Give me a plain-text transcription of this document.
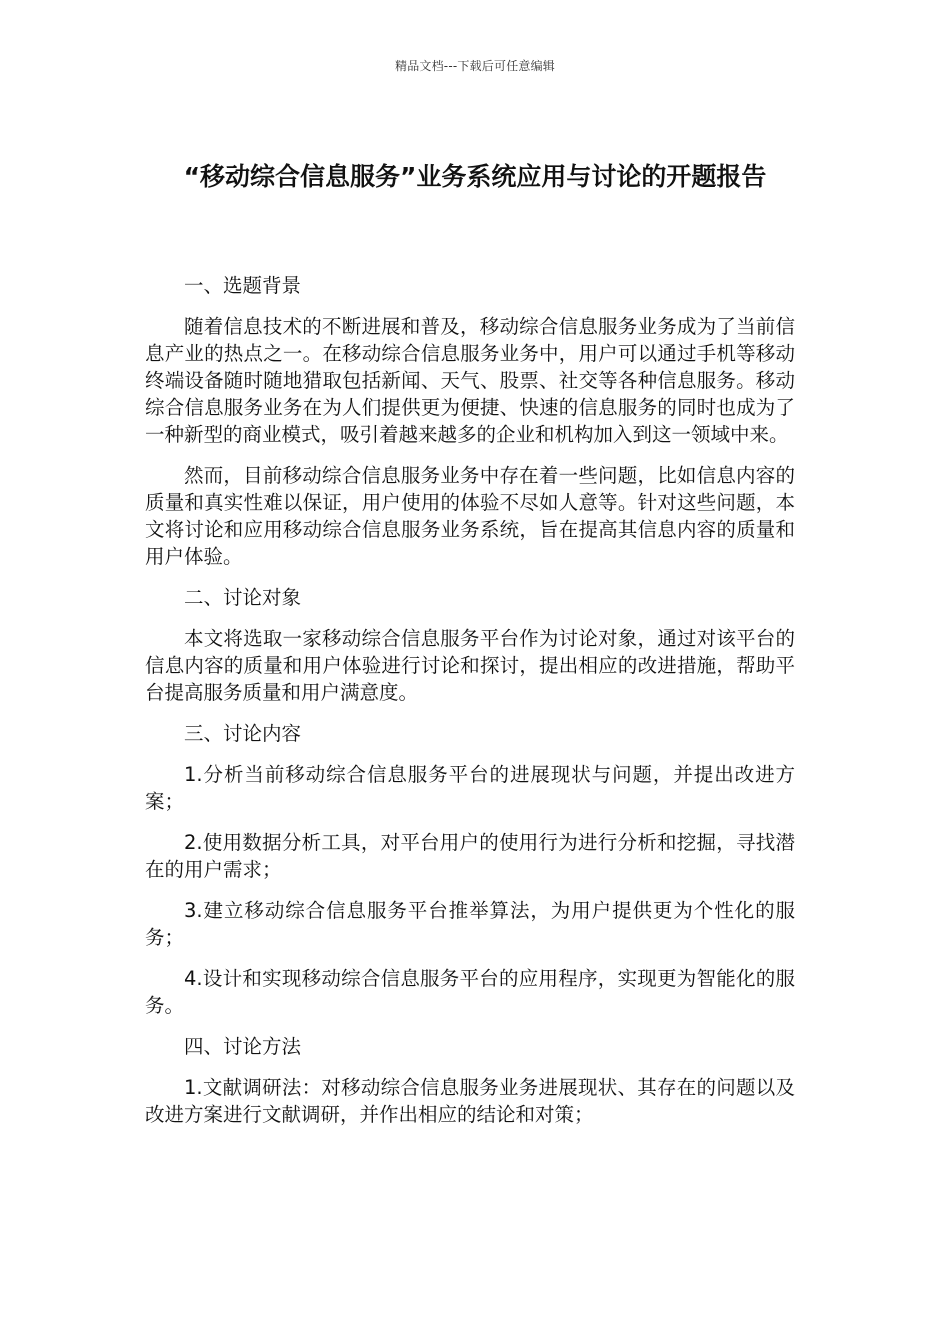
精品文档---下载后可任意编辑
“移动综合信息服务”业务系统应用与讨论的开题报告

一、选题背景

随着信息技术的不断进展和普及，移动综合信息服务业务成为了当前信息产业的热点之一。在移动综合信息服务业务中，用户可以通过手机等移动终端设备随时随地猎取包括新闻、天气、股票、社交等各种信息服务。移动综合信息服务业务在为人们提供更为便捷、快速的信息服务的同时也成为了一种新型的商业模式，吸引着越来越多的企业和机构加入到这一领域中来。

然而，目前移动综合信息服务业务中存在着一些问题，比如信息内容的质量和真实性难以保证，用户使用的体验不尽如人意等。针对这些问题，本文将讨论和应用移动综合信息服务业务系统，旨在提高其信息内容的质量和用户体验。

二、讨论对象

本文将选取一家移动综合信息服务平台作为讨论对象，通过对该平台的信息内容的质量和用户体验进行讨论和探讨，提出相应的改进措施，帮助平台提高服务质量和用户满意度。

三、讨论内容

1.分析当前移动综合信息服务平台的进展现状与问题，并提出改进方案；

2.使用数据分析工具，对平台用户的使用行为进行分析和挖掘，寻找潜在的用户需求；

3.建立移动综合信息服务平台推举算法，为用户提供更为个性化的服务；

4.设计和实现移动综合信息服务平台的应用程序，实现更为智能化的服务。

四、讨论方法

1.文献调研法：对移动综合信息服务业务进展现状、其存在的问题以及改进方案进行文献调研，并作出相应的结论和对策；
